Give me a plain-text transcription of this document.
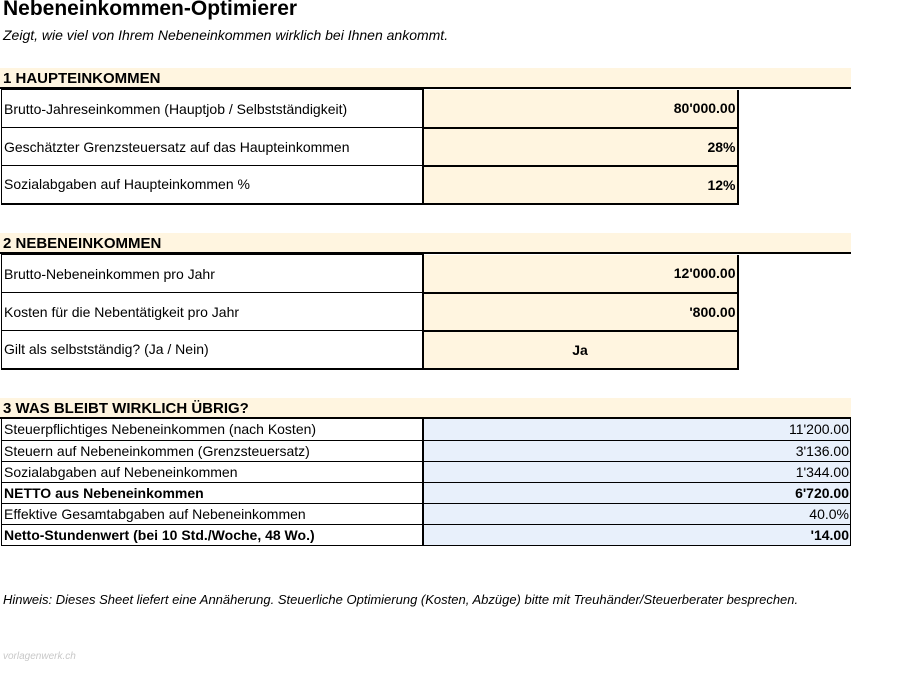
Nebeneinkommen-Optimierer
Zeigt, wie viel von Ihrem Nebeneinkommen wirklich bei Ihnen ankommt.
1 HAUPTEINKOMMEN
Brutto-Jahreseinkommen (Hauptjob / Selbstständigkeit)	80'000.00
Geschätzter Grenzsteuersatz auf das Haupteinkommen	28%
Sozialabgaben auf Haupteinkommen %	12%
2 NEBENEINKOMMEN
Brutto-Nebeneinkommen pro Jahr	12'000.00
Kosten für die Nebentätigkeit pro Jahr	'800.00
Gilt als selbstständig? (Ja / Nein)	Ja
3 WAS BLEIBT WIRKLICH ÜBRIG?
Steuerpflichtiges Nebeneinkommen (nach Kosten)	11'200.00
Steuern auf Nebeneinkommen (Grenzsteuersatz)	3'136.00
Sozialabgaben auf Nebeneinkommen	1'344.00
NETTO aus Nebeneinkommen	6'720.00
Effektive Gesamtabgaben auf Nebeneinkommen	40.0%
Netto-Stundenwert (bei 10 Std./Woche, 48 Wo.)	'14.00
Hinweis: Dieses Sheet liefert eine Annäherung. Steuerliche Optimierung (Kosten, Abzüge) bitte mit Treuhänder/Steuerberater besprechen.
vorlagenwerk.ch
